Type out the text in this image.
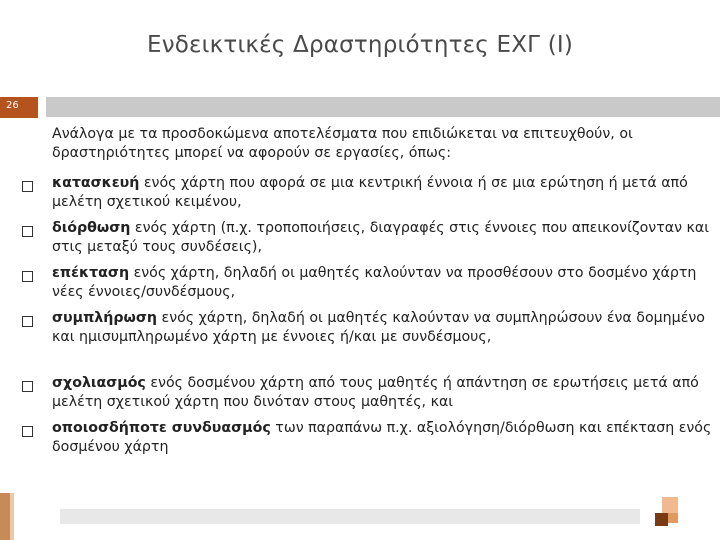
Ενδεικτικές Δραστηριότητες ΕΧΓ (Ι)
26
Ανάλογα με τα προσδοκώμενα αποτελέσματα που επιδιώκεται να επιτευχθούν, οι δραστηριότητες μπορεί να αφορούν σε εργασίες, όπως:
κατασκευή ενός χάρτη που αφορά σε μια κεντρική έννοια ή σε μια ερώτηση ή μετά από μελέτη σχετικού κειμένου,
διόρθωση ενός χάρτη (π.χ. τροποποιήσεις, διαγραφές στις έννοιες που απεικονίζονταν και στις μεταξύ τους συνδέσεις),
επέκταση ενός χάρτη, δηλαδή οι μαθητές καλούνταν να προσθέσουν στο δοσμένο χάρτη νέες έννοιες/συνδέσμους,
συμπλήρωση ενός χάρτη, δηλαδή οι μαθητές καλούνταν να συμπληρώσουν ένα δομημένο και ημισυμπληρωμένο χάρτη με έννοιες ή/και με συνδέσμους,
σχολιασμός ενός δοσμένου χάρτη από τους μαθητές ή απάντηση σε ερωτήσεις μετά από μελέτη σχετικού χάρτη που δινόταν στους μαθητές, και
οποιοσδήποτε συνδυασμός των παραπάνω π.χ. αξιολόγηση/διόρθωση και επέκταση ενός δοσμένου χάρτη
